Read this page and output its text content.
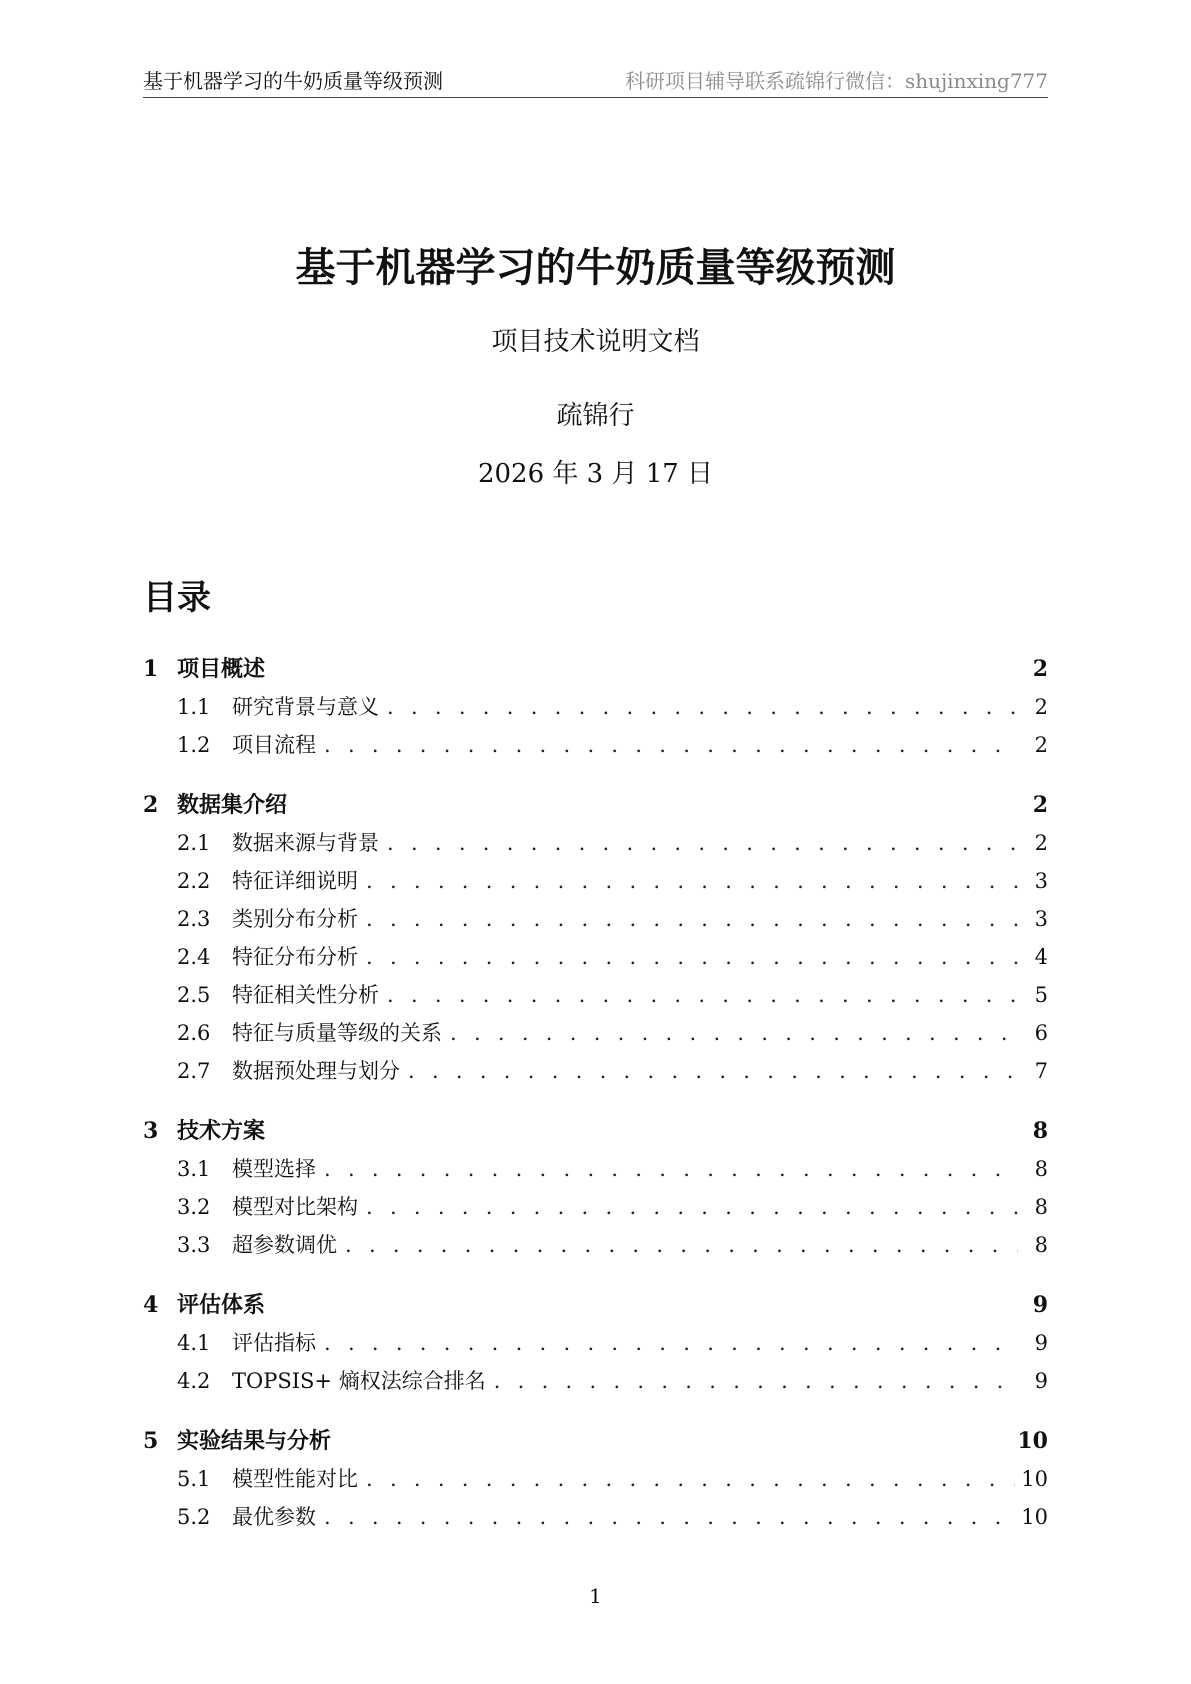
基于机器学习的牛奶质量等级预测	科研项目辅导联系疏锦行微信：shujinxing777
基于机器学习的牛奶质量等级预测
项目技术说明文档
疏锦行
2026 年 3 月 17 日
目录
1 项目概述	2
1.1	研究背景与意义 . . .	2
1.2	项目流程 . . .	2
2 数据集介绍	2
2.1	数据来源与背景 . . .	2
2.2	特征详细说明 . . .	3
2.3	类别分布分析 . . .	3
2.4	特征分布分析 . . .	4
2.5	特征相关性分析 . . .	5
2.6	特征与质量等级的关系 . . .	6
2.7	数据预处理与划分 . . .	7
3 技术方案	8
3.1	模型选择 . . .	8
3.2	模型对比架构 . . .	8
3.3	超参数调优 . . .	8
4 评估体系	9
4.1	评估指标 . . .	9
4.2	TOPSIS+ 熵权法综合排名 . . .	9
5 实验结果与分析	10
5.1	模型性能对比 . . .	10
5.2	最优参数 . . .	10
1
